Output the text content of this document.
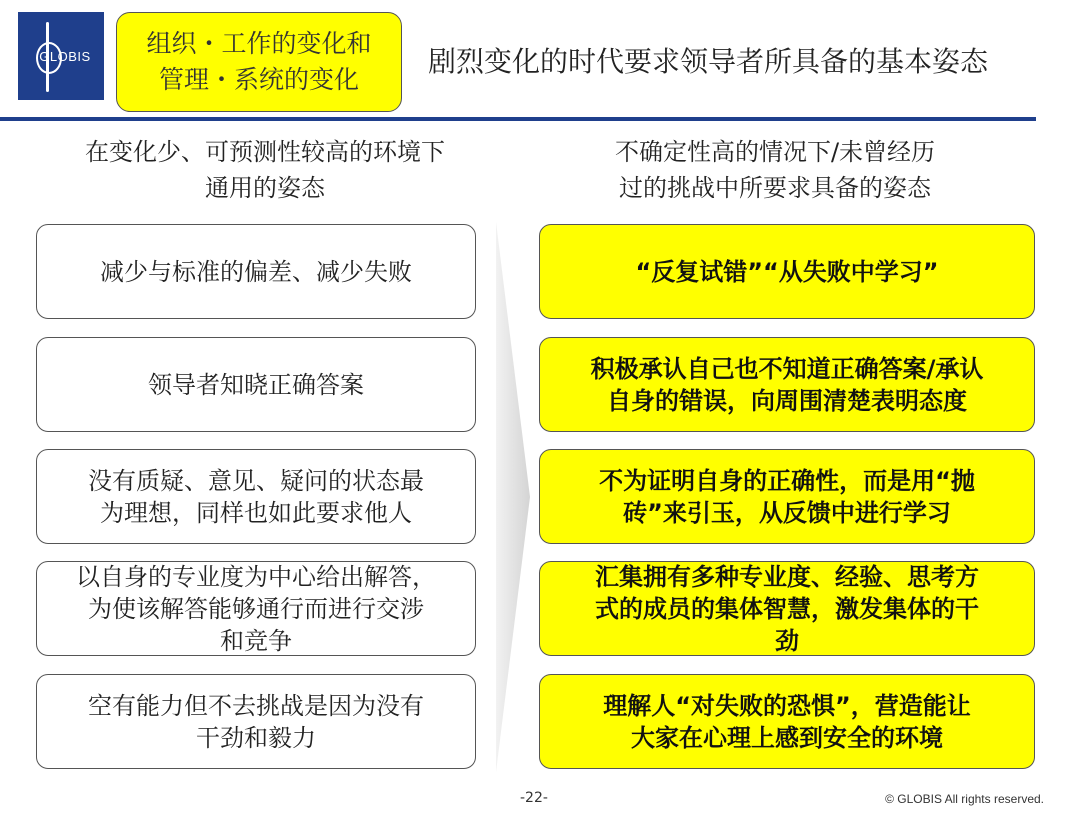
GLOBIS	组织・工作的变化和
管理・系统的变化
剧烈变化的时代要求领导者所具备的基本姿态
在变化少、可预测性较高的环境下
通用的姿态
不确定性高的情况下/未曾经历
过的挑战中所要求具备的姿态
减少与标准的偏差、减少失败
领导者知晓正确答案
没有质疑、意见、疑问的状态最
为理想，同样也如此要求他人
以自身的专业度为中心给出解答，
为使该解答能够通行而进行交涉
和竞争
空有能力但不去挑战是因为没有
干劲和毅力
“反复试错”“从失败中学习”
积极承认自己也不知道正确答案/承认
自身的错误，向周围清楚表明态度
不为证明自身的正确性，而是用“抛
砖”来引玉，从反馈中进行学习
汇集拥有多种专业度、经验、思考方
式的成员的集体智慧，激发集体的干
劲
理解人“对失败的恐惧”，营造能让
大家在心理上感到安全的环境
-22-	© GLOBIS All rights reserved.
